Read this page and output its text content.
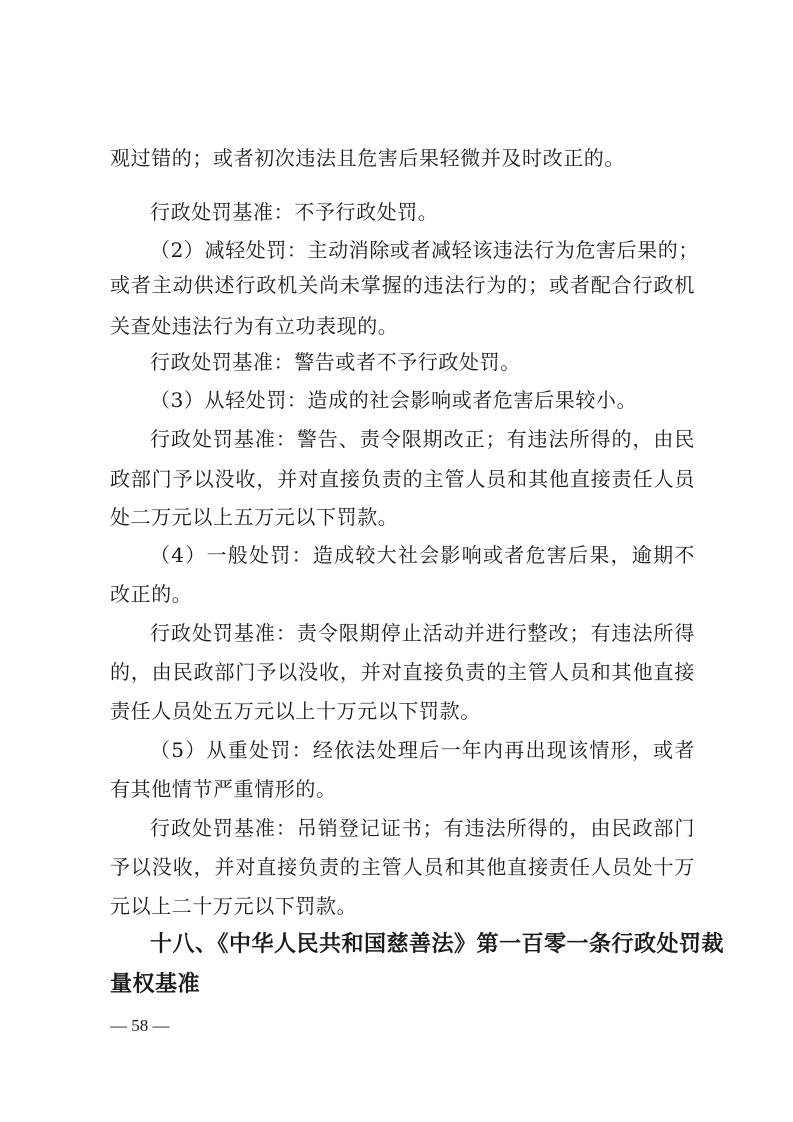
观过错的；或者初次违法且危害后果轻微并及时改正的。
行政处罚基准：不予行政处罚。
（2）减轻处罚：主动消除或者减轻该违法行为危害后果的；
或者主动供述行政机关尚未掌握的违法行为的；或者配合行政机
关查处违法行为有立功表现的。
行政处罚基准：警告或者不予行政处罚。
（3）从轻处罚：造成的社会影响或者危害后果较小。
行政处罚基准：警告、责令限期改正；有违法所得的，由民
政部门予以没收，并对直接负责的主管人员和其他直接责任人员
处二万元以上五万元以下罚款。
（4）一般处罚：造成较大社会影响或者危害后果，逾期不
改正的。
行政处罚基准：责令限期停止活动并进行整改；有违法所得
的，由民政部门予以没收，并对直接负责的主管人员和其他直接
责任人员处五万元以上十万元以下罚款。
（5）从重处罚：经依法处理后一年内再出现该情形，或者
有其他情节严重情形的。
行政处罚基准：吊销登记证书；有违法所得的，由民政部门
予以没收，并对直接负责的主管人员和其他直接责任人员处十万
元以上二十万元以下罚款。
十八、《中华人民共和国慈善法》第一百零一条行政处罚裁
量权基准
— 58 —
